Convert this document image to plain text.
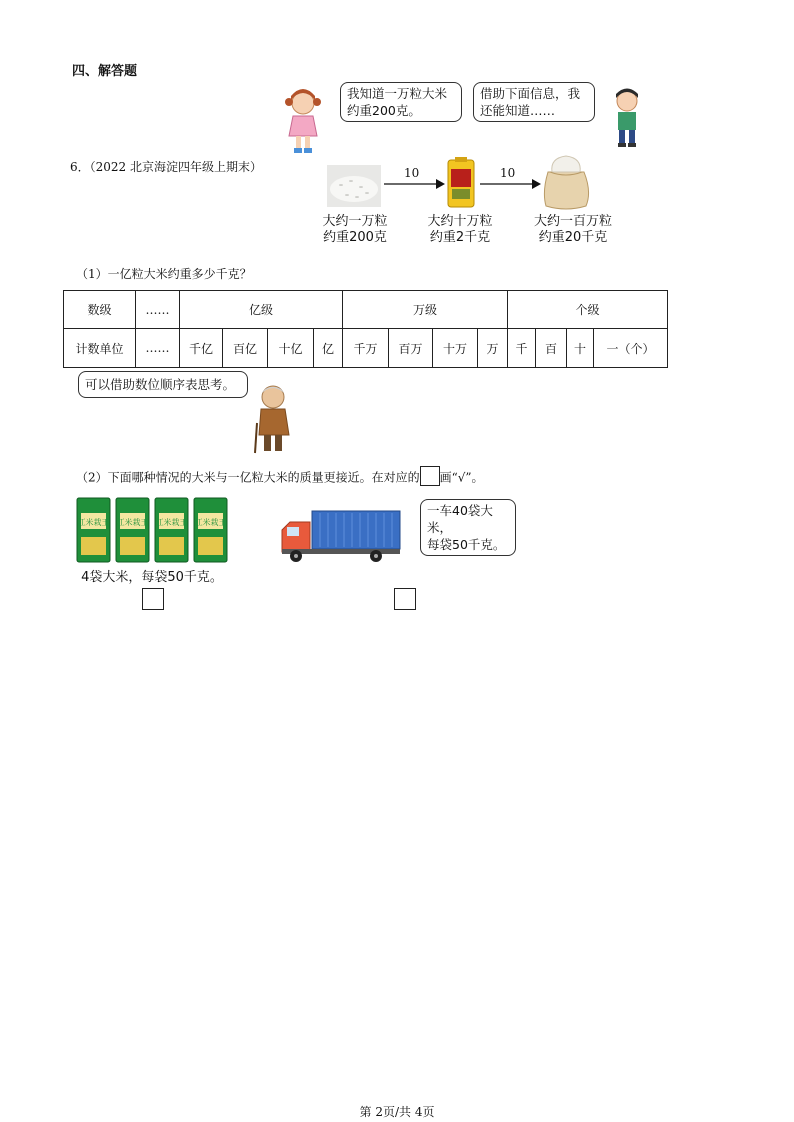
四、解答题
我知道一万粒大米
约重200克。
借助下面信息，我
还能知道……
6．（2022 北京海淀四年级上期末）	10	10
大约一万粒
约重200克
大约十万粒
约重2千克
大约一百万粒
约重20千克
（1）一亿粒大米约重多少千克？
数级	……	亿级				万级				个级			
计数单位	……	千亿	百亿	十亿	亿	千万	百万	十万	万	千	百	十	一（个）
可以借助数位顺序表思考。
（2）下面哪种情况的大米与一亿粒大米的质量更接近。在对应的 画“√”。
江米栽王 江米栽王 江米栽王 江米栽王
4袋大米，每袋50千克。
一车40袋大米，
每袋50千克。
第 2页/共 4页
